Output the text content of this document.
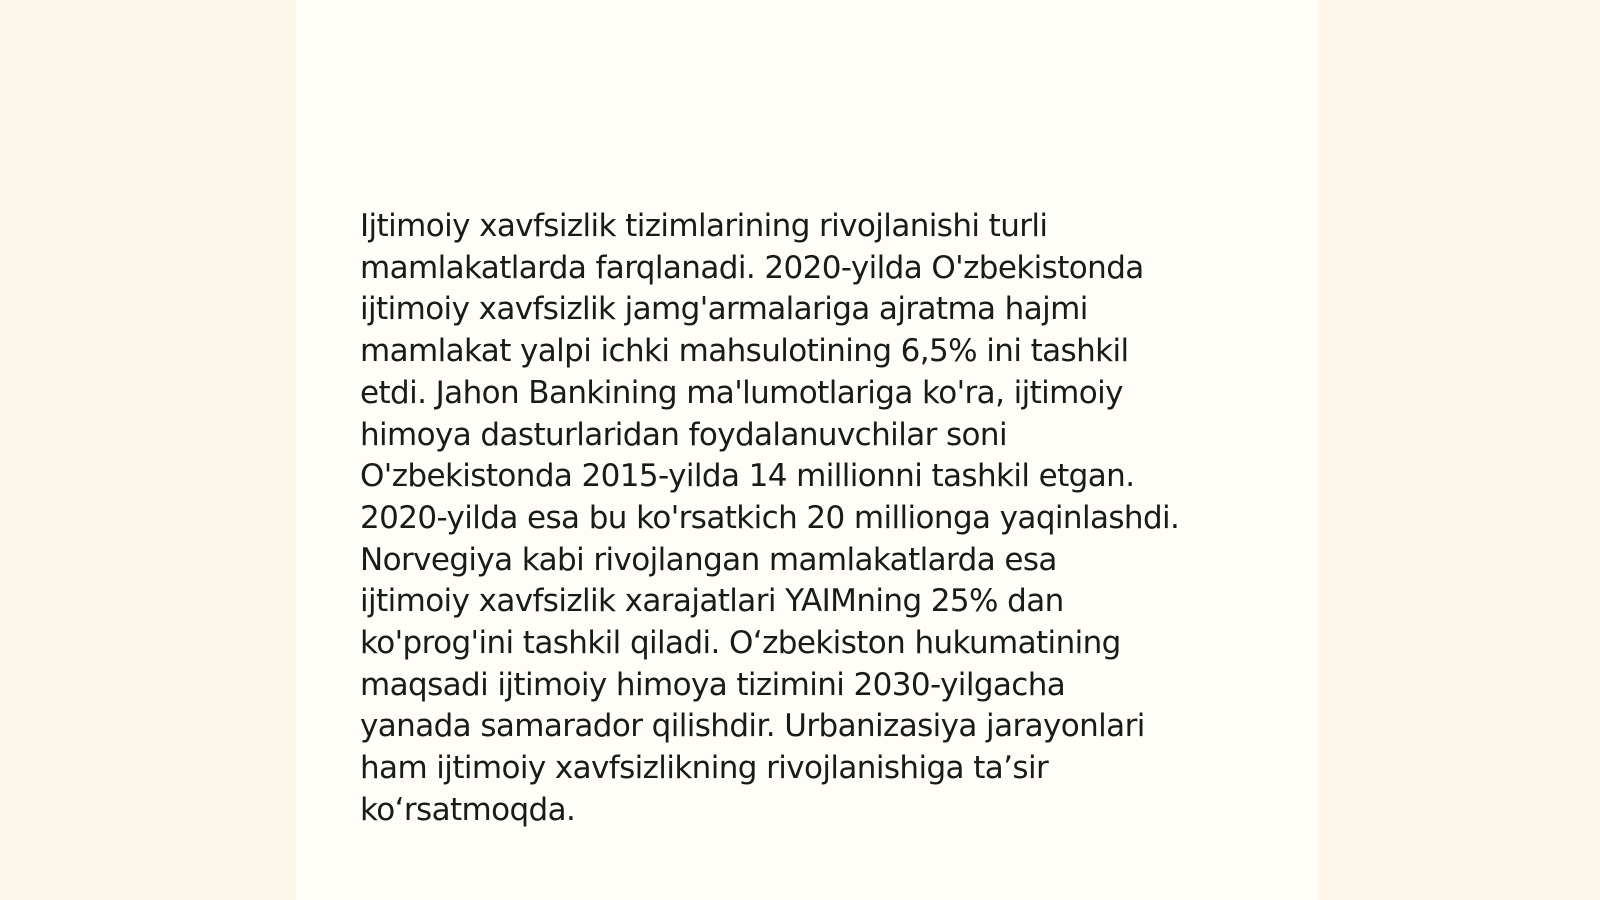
Ijtimoiy xavfsizlik tizimlarining rivojlanishi turli
mamlakatlarda farqlanadi. 2020-yilda O'zbekistonda
ijtimoiy xavfsizlik jamg'armalariga ajratma hajmi
mamlakat yalpi ichki mahsulotining 6,5% ini tashkil
etdi. Jahon Bankining ma'lumotlariga ko'ra, ijtimoiy
himoya dasturlaridan foydalanuvchilar soni
O'zbekistonda 2015-yilda 14 millionni tashkil etgan.
2020-yilda esa bu ko'rsatkich 20 millionga yaqinlashdi.
Norvegiya kabi rivojlangan mamlakatlarda esa
ijtimoiy xavfsizlik xarajatlari YAIMning 25% dan
ko'prog'ini tashkil qiladi. O‘zbekiston hukumatining
maqsadi ijtimoiy himoya tizimini 2030-yilgacha
yanada samarador qilishdir. Urbanizasiya jarayonlari
ham ijtimoiy xavfsizlikning rivojlanishiga ta’sir
ko‘rsatmoqda.
